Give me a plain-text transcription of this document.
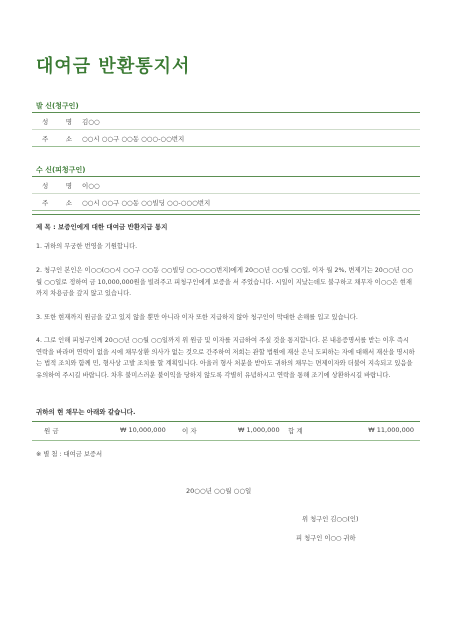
대여금 반환통지서
발 신(청구인)
성	명	김○○
주	소	○○시 ○○구 ○○동 ○○○-○○번지
수 신(피청구인)
성	명	이○○
주	소	○○시 ○○구 ○○동 ○○빌딩 ○○-○○○번지
제 목 : 보증인에게 대한 대여금 반환지급 통지
1. 귀하의 무궁한 번영을 기원합니다.
2. 청구인 본인은 이○○(○○시 ○○구 ○○동 ○○빌딩 ○○-○○○번지)에게 20○○년 ○○월 ○○일, 이자 월 2%, 변제기는 20○○년 ○○월 ○○일로 정하여 금 10,000,000원을 빌려주고 피청구인에게 보증을 서 주었습니다. 시일이 지났는데도 불구하고 채무자 이○○은 현재까지 차용금을 갚지 않고 있습니다.
3. 또한 현재까지 원금을 갚고 있지 않을 뿐만 아니라 이자 또한 지급하지 않아 청구인이 막대한 손해를 입고 있습니다.
4. 그로 인해 피청구인께 20○○년 ○○월 ○○일까지 위 원금 및 이자를 지급하여 주실 것을 통지합니다. 본 내용증명서를 받는 이후 즉시 연락을 바라며 연락이 없을 시에 채무상환 의사가 없는 것으로 간주하여 저희는 관할 법원에 재산 은닉 도피하는 자에 대해서 재산을 명시하는 법적 조치와 함께 민, 형사상 고발 조치를 할 계획입니다. 아울러 형사 처분을 받아도 귀하의 채무는 면제이자와 더불어 지속되고 있음을 유의하여 주시길 바랍니다. 차후 불미스러운 불이익을 당하지 않도록 각별히 유념하시고 연락을 통해 조기에 상환하시길 바랍니다.
귀하의 현 채무는 아래와 같습니다.
원 금	₩ 10,000,000	이 자	₩ 1,000,000 합 계	₩ 11,000,000
※ 별 첨 : 대여금 보증서
20○○년 ○○월 ○○일
위 청구인 김○○(인)
피 청구인 이○○ 귀하
